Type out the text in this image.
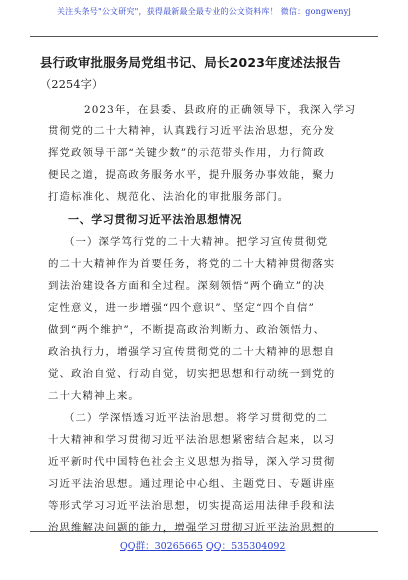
关注头条号"公文研究"，获得最新最全最专业的公文资料库！ 微信：gongwenyj
县行政审批服务局党组书记、局长2023年度述法报告
（2254字）
2023年，在县委、县政府的正确领导下，我深入学习
贯彻党的二十大精神，认真践行习近平法治思想，充分发
挥党政领导干部“关键少数”的示范带头作用，力行简政
便民之道，提高政务服务水平，提升服务办事效能，聚力
打造标准化、规范化、法治化的审批服务部门。
一、学习贯彻习近平法治思想情况
（一）深学笃行党的二十大精神。把学习宣传贯彻党
的二十大精神作为首要任务，将党的二十大精神贯彻落实
到法治建设各方面和全过程。深刻领悟“两个确立”的决
定性意义，进一步增强“四个意识”、坚定“四个自信”
做到“两个维护”，不断提高政治判断力、政治领悟力、
政治执行力，增强学习宣传贯彻党的二十大精神的思想自
觉、政治自觉、行动自觉，切实把思想和行动统一到党的
二十大精神上来。
（二）学深悟透习近平法治思想。将学习贯彻党的二
十大精神和学习贯彻习近平法治思想紧密结合起来，以习
近平新时代中国特色社会主义思想为指导，深入学习贯彻
习近平法治思想。通过理论中心组、主题党日、专题讲座
等形式学习习近平法治思想，切实提高运用法律手段和法
治思维解决问题的能力，增强学习贯彻习近平法治思想的
QQ群：30265665 QQ：535304092
